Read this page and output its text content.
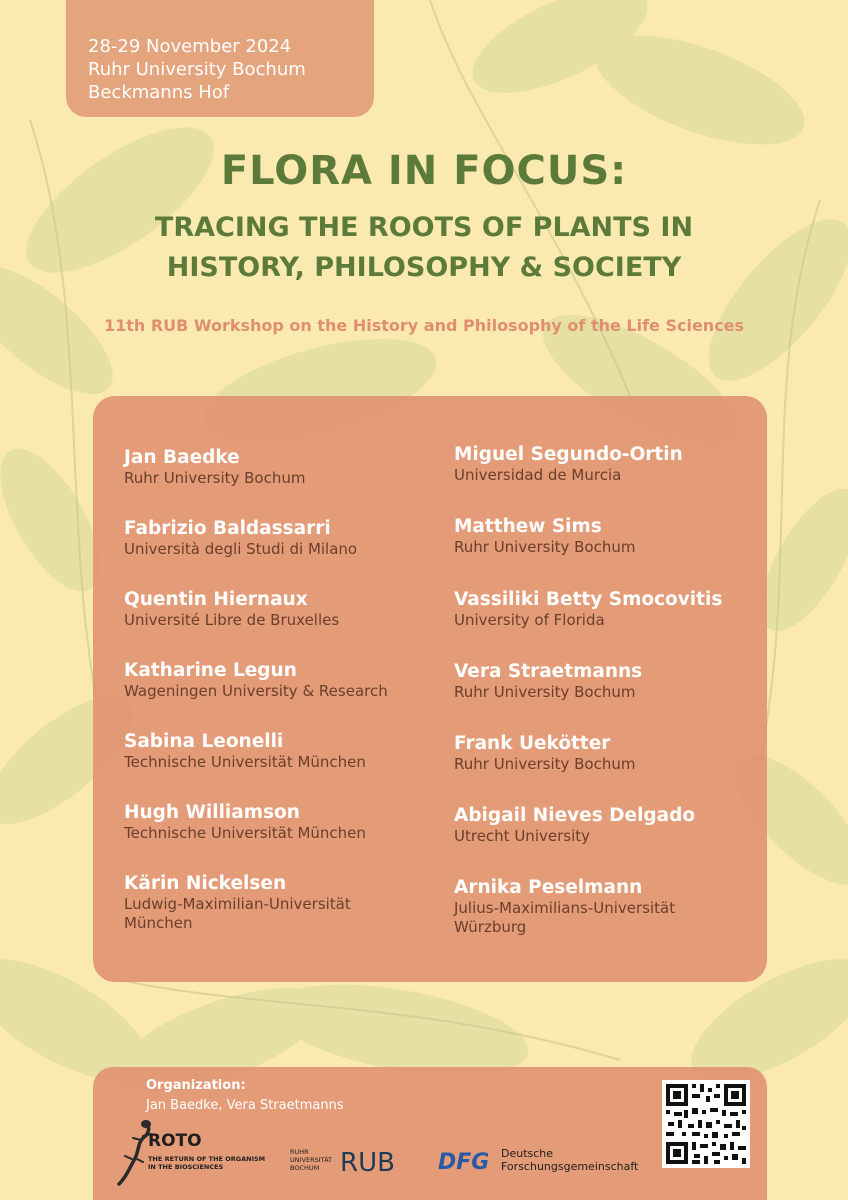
28-29 November 2024
Ruhr University Bochum
Beckmanns Hof
FLORA IN FOCUS:
TRACING THE ROOTS OF PLANTS IN
HISTORY, PHILOSOPHY & SOCIETY
11th RUB Workshop on the History and Philosophy of the Life Sciences
Jan Baedke
Ruhr University Bochum
Fabrizio Baldassarri
Università degli Studi di Milano
Quentin Hiernaux
Université Libre de Bruxelles
Katharine Legun
Wageningen University & Research
Sabina Leonelli
Technische Universität München
Hugh Williamson
Technische Universität München
Kärin Nickelsen
Ludwig-Maximilian-Universität München
Miguel Segundo-Ortin
Universidad de Murcia
Matthew Sims
Ruhr University Bochum
Vassiliki Betty Smocovitis
University of Florida
Vera Straetmanns
Ruhr University Bochum
Frank Uekötter
Ruhr University Bochum
Abigail Nieves Delgado
Utrecht University
Arnika Peselmann
Julius-Maximilians-Universität Würzburg
Organization:
Jan Baedke, Vera Straetmanns
ROTO
THE RETURN OF THE ORGANISM IN THE BIOSCIENCES
RUHR UNIVERSITÄT BOCHUM RUB DFG Deutsche Forschungsgemeinschaft
